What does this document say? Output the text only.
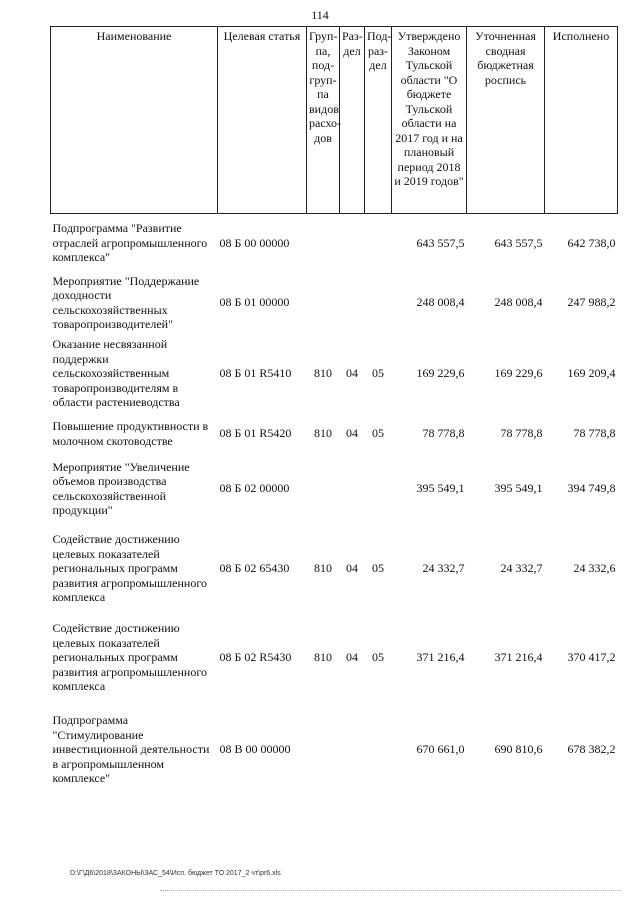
114
Наименование	Целевая статья	Груп-па, под-груп-па видов расхо-дов	Раз-дел	Под-раз-дел	Утверждено Законом Тульской области "О бюджете Тульской области на 2017 год и на плановый период 2018 и 2019 годов"	Уточненная сводная бюджетная роспись	Исполнено
Подпрограмма "Развитие отраслей агропромышленного комплекса"	08 Б 00 00000				643 557,5	643 557,5	642 738,0
Мероприятие "Поддержание доходности сельскохозяйственных товаропроизводителей"	08 Б 01 00000				248 008,4	248 008,4	247 988,2
Оказание несвязанной поддержки сельскохозяйственным товаропроизводителям в области растениеводства	08 Б 01 R5410	810	04	05	169 229,6	169 229,6	169 209,4
Повышение продуктивности в молочном скотоводстве	08 Б 01 R5420	810	04	05	78 778,8	78 778,8	78 778,8
Мероприятие "Увеличение объемов производства сельскохозяйственной продукции"	08 Б 02 00000				395 549,1	395 549,1	394 749,8
Содействие достижению целевых показателей региональных программ развития агропромышленного комплекса	08 Б 02 65430	810	04	05	24 332,7	24 332,7	24 332,6
Содействие достижению целевых показателей региональных программ развития агропромышленного комплекса	08 Б 02 R5430	810	04	05	371 216,4	371 216,4	370 417,2
Подпрограмма "Стимулирование инвестиционной деятельности в агропромышленном комплексе"	08 В 00 00000				670 661,0	690 810,6	678 382,2
D:\Г\Д6\2018\ЗАКОНЫ\ЗАС_54\Исп. бюджет ТО 2017_2 чт\pr6.xls
